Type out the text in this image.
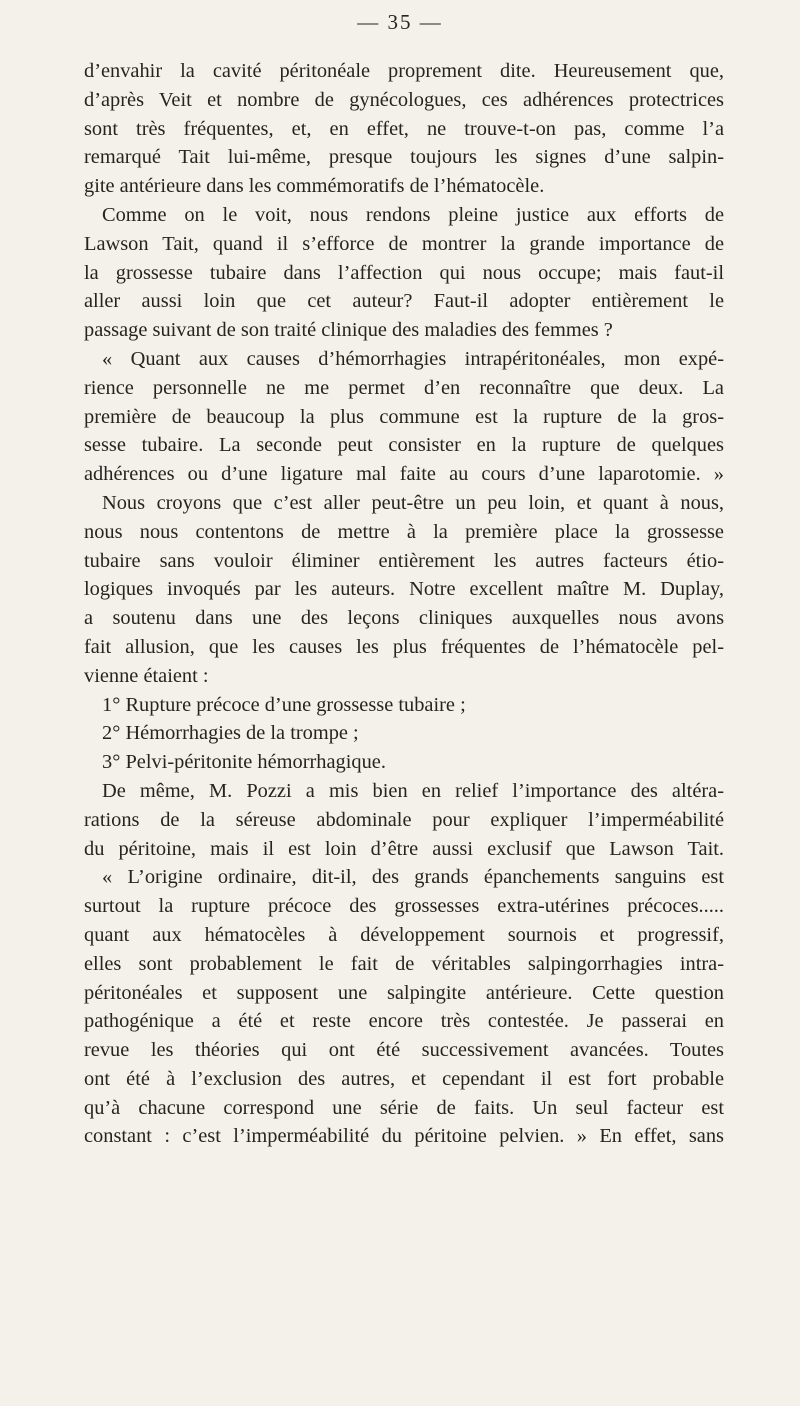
— 35 —
d’envahir la cavité péritonéale proprement dite. Heureusement que,
d’après Veit et nombre de gynécologues, ces adhérences protectrices
sont très fréquentes, et, en effet, ne trouve-t-on pas, comme l’a
remarqué Tait lui-même, presque toujours les signes d’une salpin-
gite antérieure dans les commémoratifs de l’hématocèle.
Comme on le voit, nous rendons pleine justice aux efforts de
Lawson Tait, quand il s’efforce de montrer la grande importance de
la grossesse tubaire dans l’affection qui nous occupe; mais faut-il
aller aussi loin que cet auteur? Faut-il adopter entièrement le
passage suivant de son traité clinique des maladies des femmes ?
« Quant aux causes d’hémorrhagies intrapéritonéales, mon expé-
rience personnelle ne me permet d’en reconnaître que deux. La
première de beaucoup la plus commune est la rupture de la gros-
sesse tubaire. La seconde peut consister en la rupture de quelques
adhérences ou d’une ligature mal faite au cours d’une laparotomie. »
Nous croyons que c’est aller peut-être un peu loin, et quant à nous,
nous nous contentons de mettre à la première place la grossesse
tubaire sans vouloir éliminer entièrement les autres facteurs étio-
logiques invoqués par les auteurs. Notre excellent maître M. Duplay,
a soutenu dans une des leçons cliniques auxquelles nous avons
fait allusion, que les causes les plus fréquentes de l’hématocèle pel-
vienne étaient :
1° Rupture précoce d’une grossesse tubaire ;
2° Hémorrhagies de la trompe ;
3° Pelvi-péritonite hémorrhagique.
De même, M. Pozzi a mis bien en relief l’importance des altéra-
rations de la séreuse abdominale pour expliquer l’imperméabilité
du péritoine, mais il est loin d’être aussi exclusif que Lawson Tait.
« L’origine ordinaire, dit-il, des grands épanchements sanguins est
surtout la rupture précoce des grossesses extra-utérines précoces.....
quant aux hématocèles à développement sournois et progressif,
elles sont probablement le fait de véritables salpingorrhagies intra-
péritonéales et supposent une salpingite antérieure. Cette question
pathogénique a été et reste encore très contestée. Je passerai en
revue les théories qui ont été successivement avancées. Toutes
ont été à l’exclusion des autres, et cependant il est fort probable
qu’à chacune correspond une série de faits. Un seul facteur est
constant : c’est l’imperméabilité du péritoine pelvien. » En effet, sans
